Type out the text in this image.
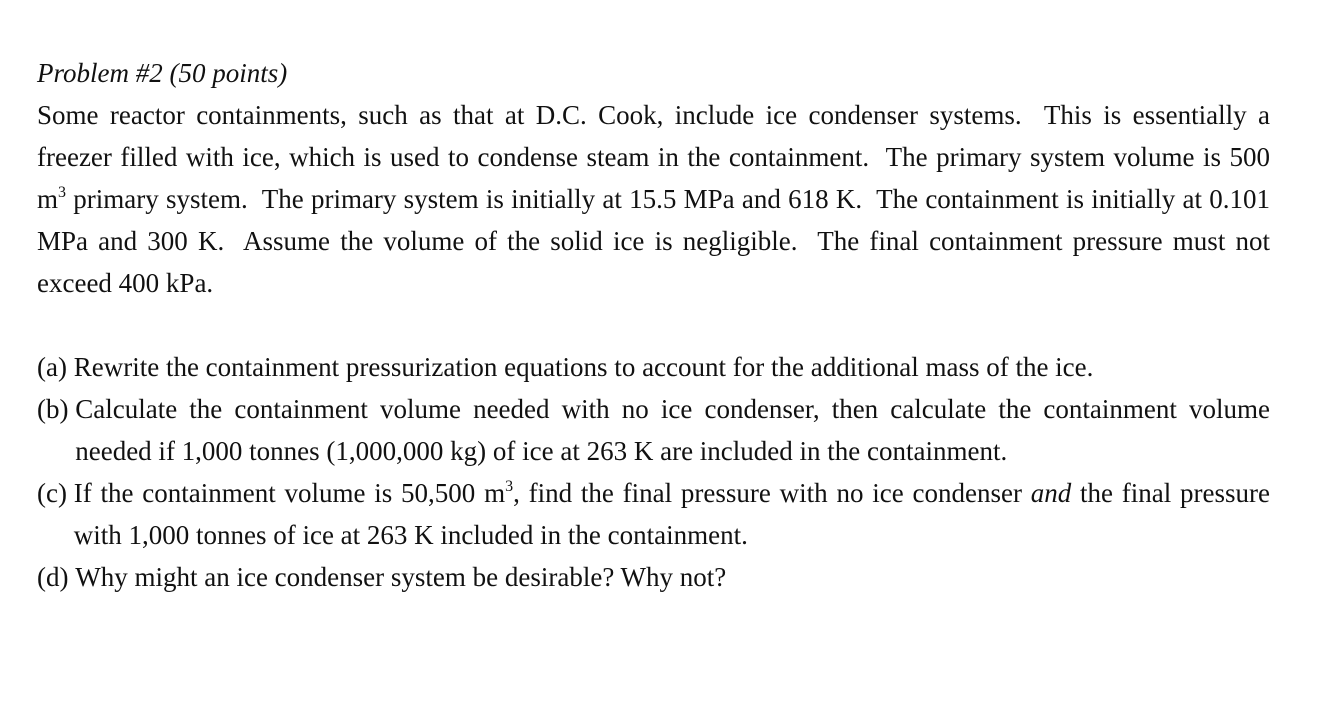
Problem #2 (50 points)

Some reactor containments, such as that at D.C. Cook, include ice condenser systems. This is essentially a freezer filled with ice, which is used to condense steam in the containment. The primary system volume is 500 $m^3$ primary system. The primary system is initially at 15.5 MPa and 618 K. The containment is initially at 0.101 MPa and 300 K. Assume the volume of the solid ice is negligible. The final containment pressure must not exceed 400 kPa.

(a)
Rewrite the containment pressurization equations to account for the additional mass of the ice.
(b)
Calculate the containment volume needed with no ice condenser, then calculate the containment volume needed if 1,000 tonnes (1,000,000 kg) of ice at 263 K are included in the containment.
(c)
If the containment volume is 50,500 $m^3$, find the final pressure with no ice condenser and the final pressure with 1,000 tonnes of ice at 263 K included in the containment.
(d)
Why might an ice condenser system be desirable? Why not?
